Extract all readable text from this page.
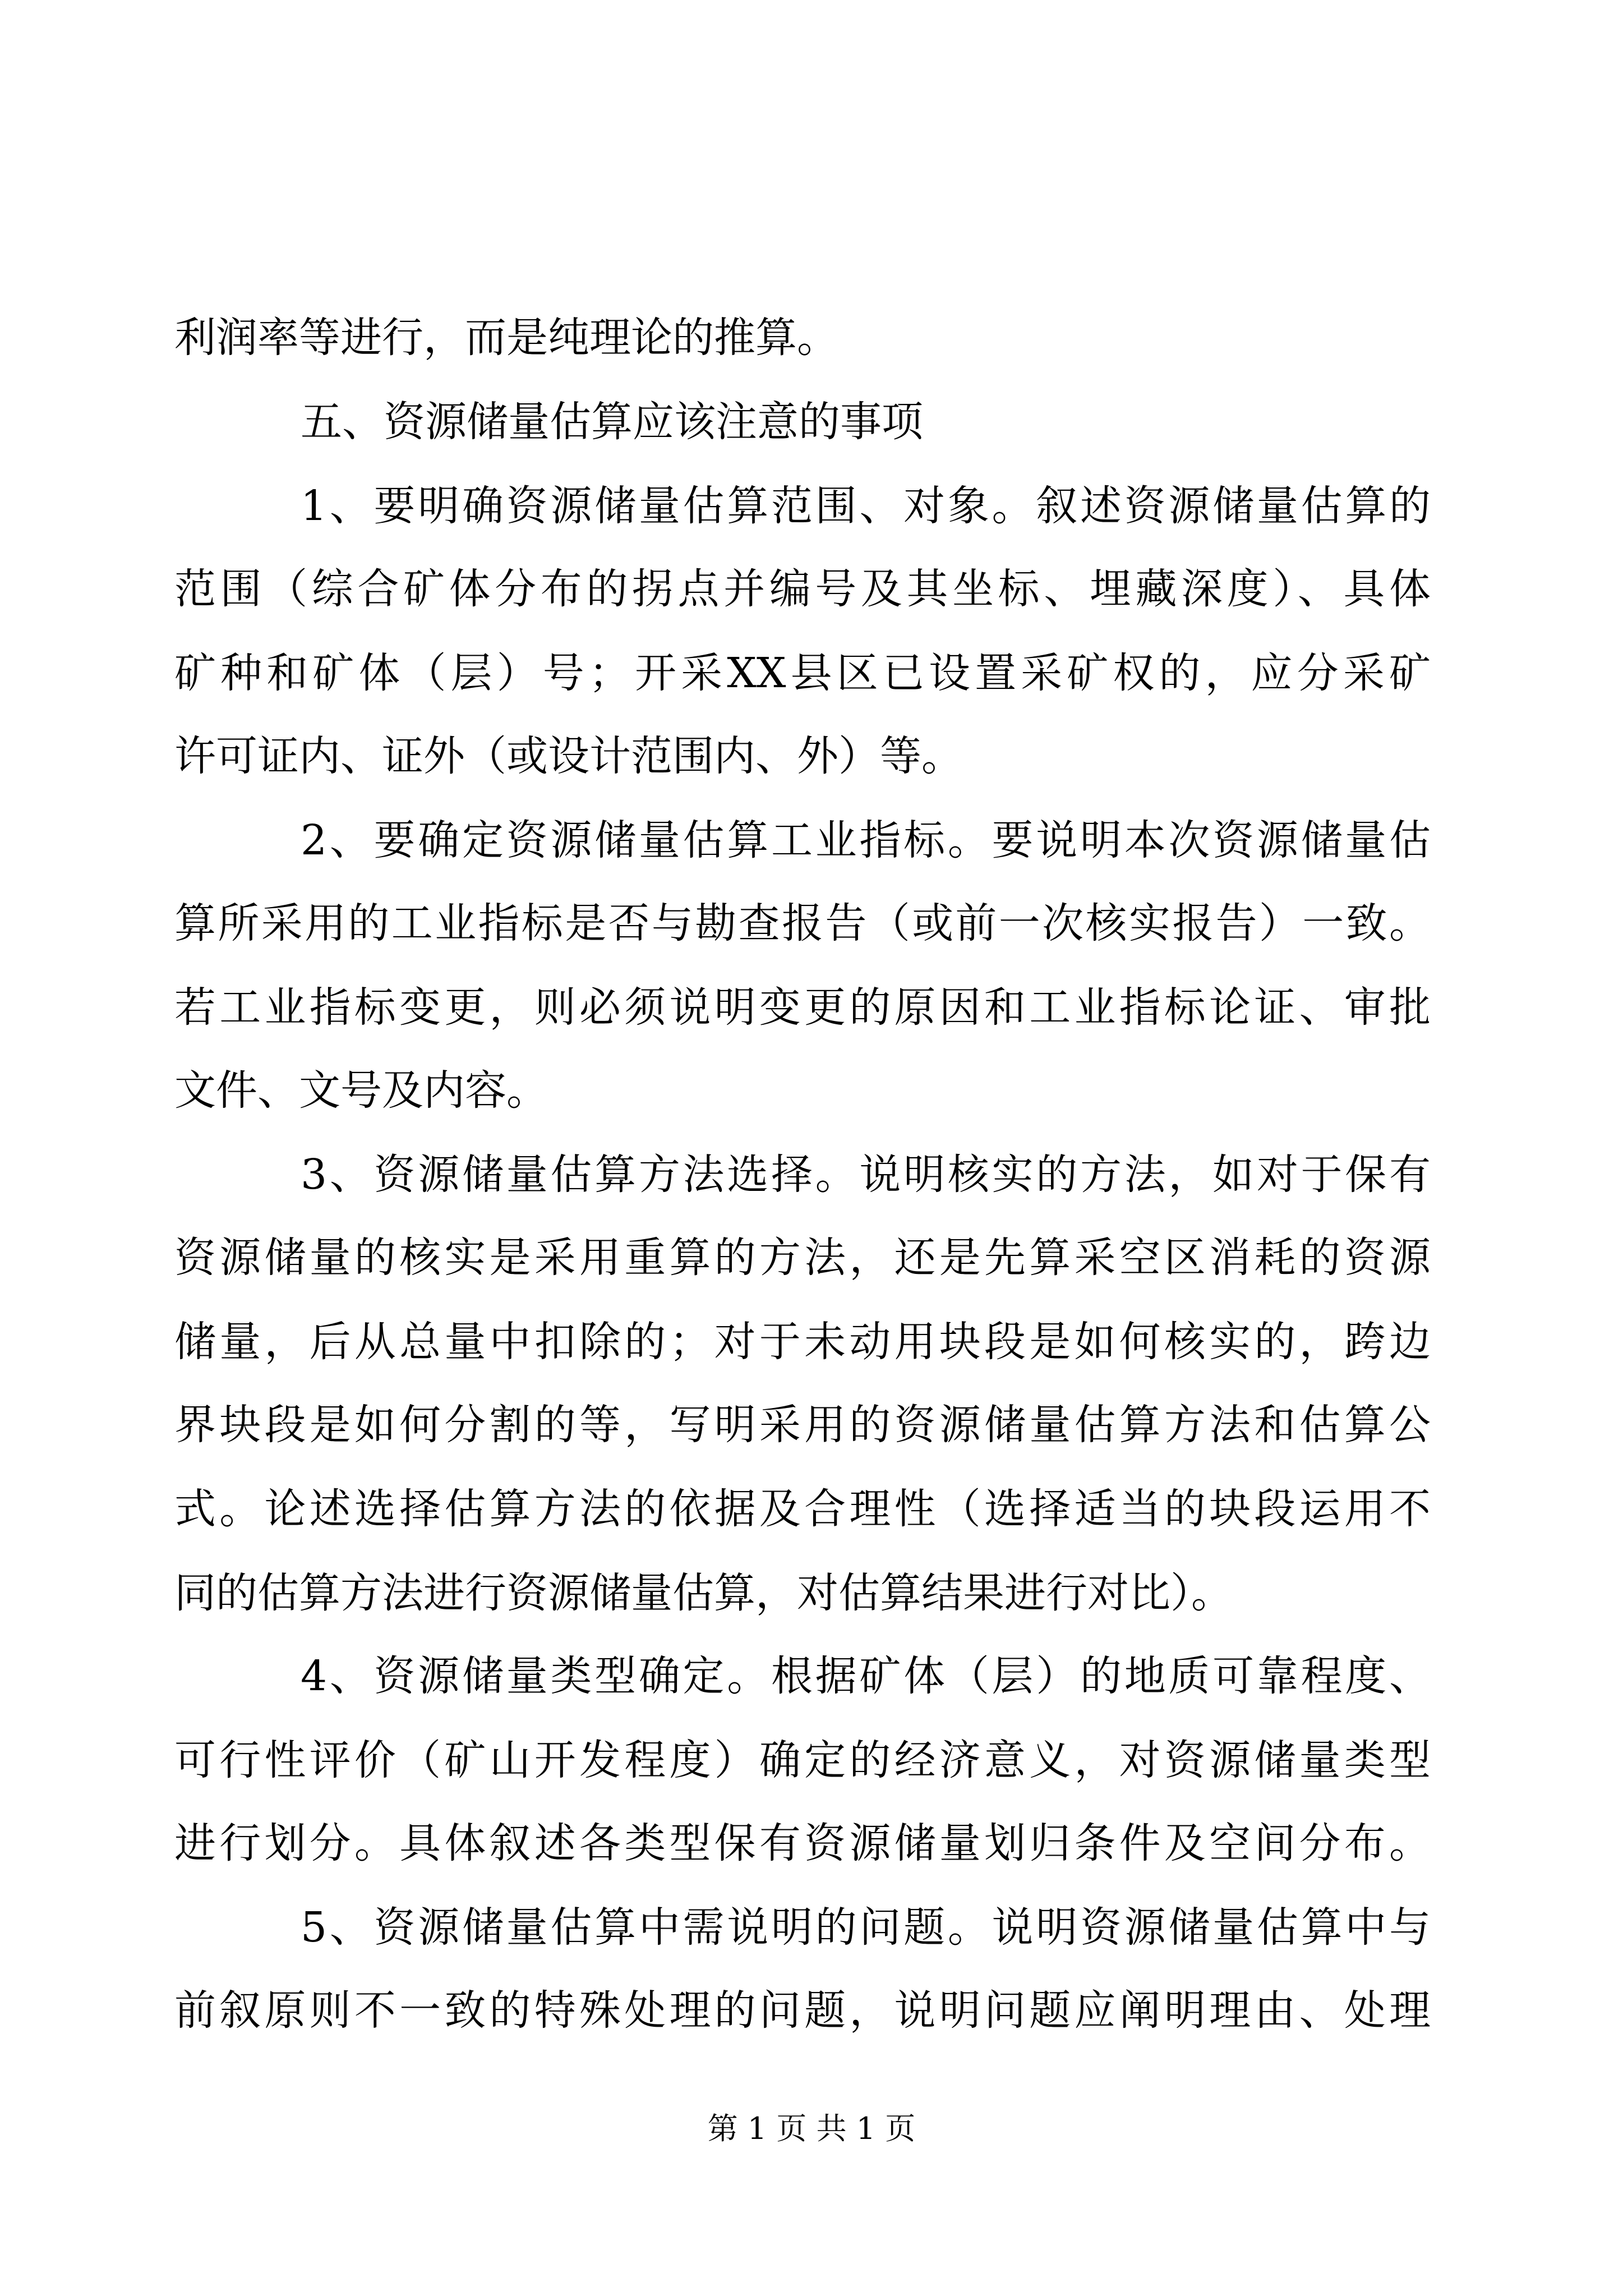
利润率等进行，而是纯理论的推算。
五、资源储量估算应该注意的事项
1、要明确资源储量估算范围、对象。叙述资源储量估算的
范围（综合矿体分布的拐点并编号及其坐标、埋藏深度）、具体
矿种和矿体（层）号；开采XX县区已设置采矿权的，应分采矿
许可证内、证外（或设计范围内、外）等。
2、要确定资源储量估算工业指标。要说明本次资源储量估
算所采用的工业指标是否与勘查报告（或前一次核实报告）一致。
若工业指标变更，则必须说明变更的原因和工业指标论证、审批
文件、文号及内容。
3、资源储量估算方法选择。说明核实的方法，如对于保有
资源储量的核实是采用重算的方法，还是先算采空区消耗的资源
储量，后从总量中扣除的；对于未动用块段是如何核实的，跨边
界块段是如何分割的等，写明采用的资源储量估算方法和估算公
式。论述选择估算方法的依据及合理性（选择适当的块段运用不
同的估算方法进行资源储量估算，对估算结果进行对比）。
4、资源储量类型确定。根据矿体（层）的地质可靠程度、
可行性评价（矿山开发程度）确定的经济意义，对资源储量类型
进行划分。具体叙述各类型保有资源储量划归条件及空间分布。
5、资源储量估算中需说明的问题。说明资源储量估算中与
前叙原则不一致的特殊处理的问题，说明问题应阐明理由、处理
第 1 页 共 1 页
